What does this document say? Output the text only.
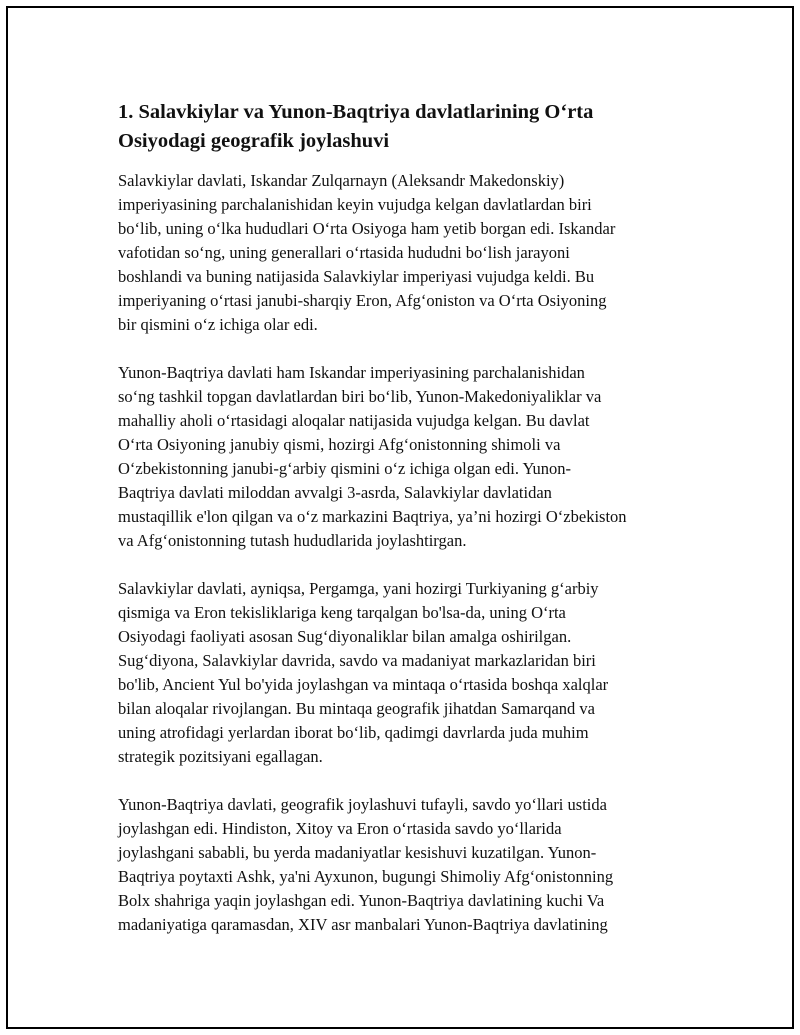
1. Salavkiylar va Yunon-Baqtriya davlatlarining O‘rta
Osiyodagi geografik joylashuvi

Salavkiylar davlati, Iskandar Zulqarnayn (Aleksandr Makedonskiy)
imperiyasining parchalanishidan keyin vujudga kelgan davlatlardan biri
bo‘lib, uning o‘lka hududlari O‘rta Osiyoga ham yetib borgan edi. Iskandar
vafotidan so‘ng, uning generallari o‘rtasida hududni bo‘lish jarayoni
boshlandi va buning natijasida Salavkiylar imperiyasi vujudga keldi. Bu
imperiyaning o‘rtasi janubi-sharqiy Eron, Afg‘oniston va O‘rta Osiyoning
bir qismini o‘z ichiga olar edi.

Yunon-Baqtriya davlati ham Iskandar imperiyasining parchalanishidan
so‘ng tashkil topgan davlatlardan biri bo‘lib, Yunon-Makedoniyaliklar va
mahalliy aholi o‘rtasidagi aloqalar natijasida vujudga kelgan. Bu davlat
O‘rta Osiyoning janubiy qismi, hozirgi Afg‘onistonning shimoli va
O‘zbekistonning janubi-g‘arbiy qismini o‘z ichiga olgan edi. Yunon-
Baqtriya davlati miloddan avvalgi 3-asrda, Salavkiylar davlatidan
mustaqillik e'lon qilgan va o‘z markazini Baqtriya, ya’ni hozirgi O‘zbekiston
va Afg‘onistonning tutash hududlarida joylashtirgan.

Salavkiylar davlati, ayniqsa, Pergamga, yani hozirgi Turkiyaning g‘arbiy
qismiga va Eron tekisliklariga keng tarqalgan bo'lsa-da, uning O‘rta
Osiyodagi faoliyati asosan Sug‘diyonaliklar bilan amalga oshirilgan.
Sug‘diyona, Salavkiylar davrida, savdo va madaniyat markazlaridan biri
bo'lib, Ancient Yul bo'yida joylashgan va mintaqa o‘rtasida boshqa xalqlar
bilan aloqalar rivojlangan. Bu mintaqa geografik jihatdan Samarqand va
uning atrofidagi yerlardan iborat bo‘lib, qadimgi davrlarda juda muhim
strategik pozitsiyani egallagan.

Yunon-Baqtriya davlati, geografik joylashuvi tufayli, savdo yo‘llari ustida
joylashgan edi. Hindiston, Xitoy va Eron o‘rtasida savdo yo‘llarida
joylashgani sababli, bu yerda madaniyatlar kesishuvi kuzatilgan. Yunon-
Baqtriya poytaxti Ashk, ya'ni Ayxunon, bugungi Shimoliy Afg‘onistonning
Bolx shahriga yaqin joylashgan edi. Yunon-Baqtriya davlatining kuchi Va
madaniyatiga qaramasdan, XIV asr manbalari Yunon-Baqtriya davlatining
